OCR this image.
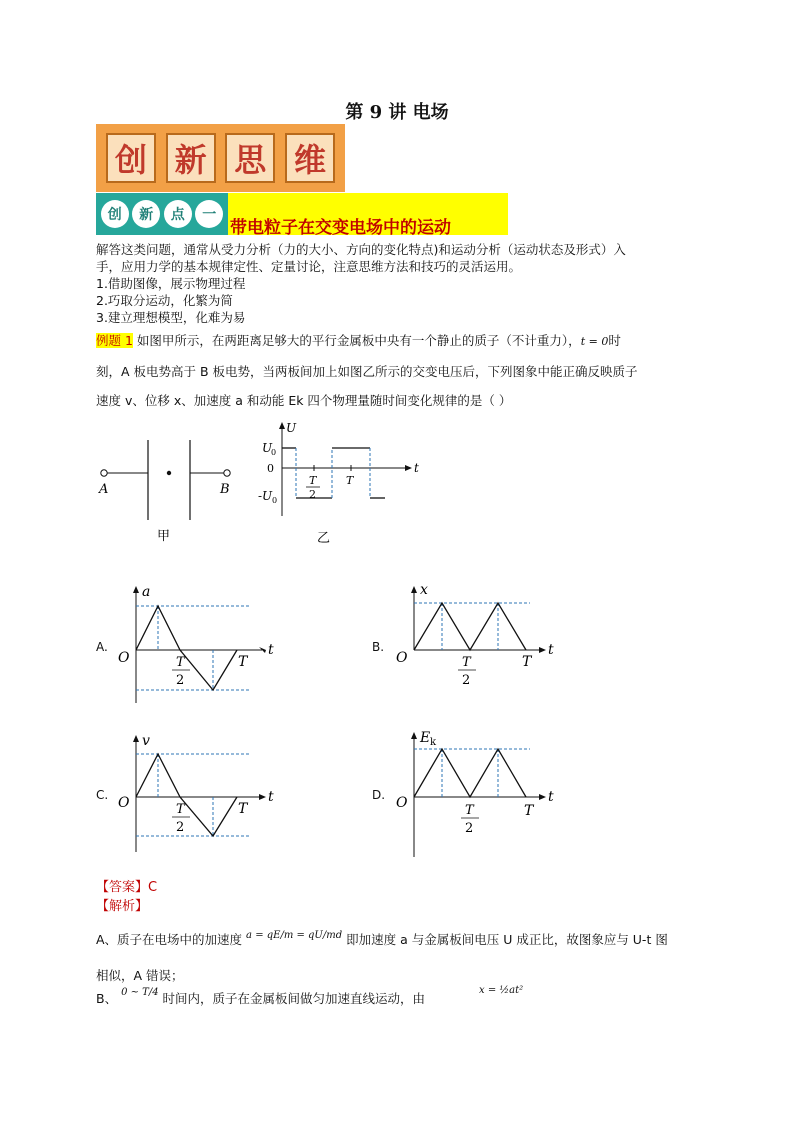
第 9 讲 电场
创 新 思 维
创	新	点	一
带电粒子在交变电场中的运动
解答这类问题，通常从受力分析（力的大小、方向的变化特点)和运动分析（运动状态及形式）入
手，应用力学的基本规律定性、定量讨论，注意思维方法和技巧的灵活运用。
1.借助图像，展示物理过程
2.巧取分运动，化繁为简
3.建立理想模型，化难为易
例题 1 如图甲所示，在两距离足够大的平行金属板中央有一个静止的质子（不计重力），t = 0时
刻，A 板电势高于 B 板电势，当两板间加上如图乙所示的交变电压后，下列图象中能正确反映质子
速度 v、位移 x、加速度 a 和动能 Ek 四个物理量随时间变化规律的是（ ）
A	B
甲
U
t
U
0
0
-U 0
T
2
T
乙
A.
a
t
O	T
2
T
B.
x
t
O	T
2
T
C.
v
t
O	T
2
T
D.
E k
t
O	T
2
T
【答案】C
【解析】
A、质子在电场中的加速度 a = qE/m = qU/md 即加速度 a 与金属板间电压 U 成正比，故图象应与 U-t 图
相似，A 错误；
B、 0 ~ T/4 时间内，质子在金属板间做匀加速直线运动，由 x = ½at²
